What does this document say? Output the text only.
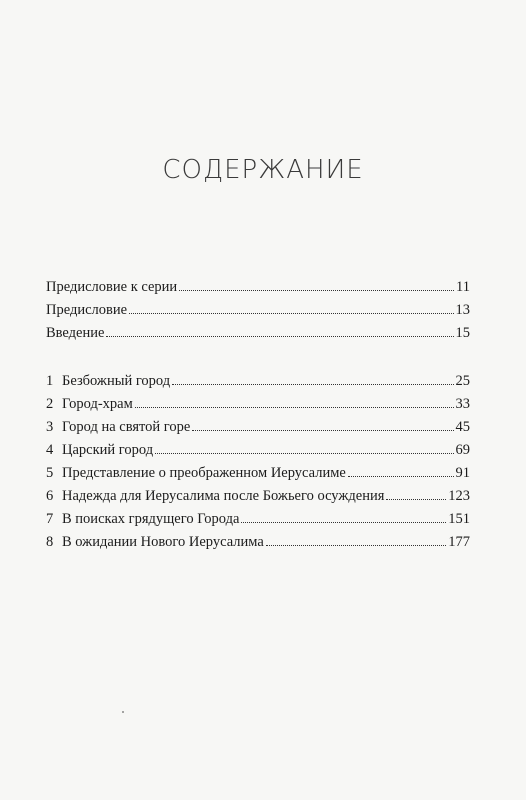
СОДЕРЖАНИЕ
Предисловие к серии	11
Предисловие	13
Введение	15
1 Безбожный город	25
2 Город-храм	33
3 Город на святой горе	45
4 Царский город	69
5 Представление о преображенном Иерусалиме	91
6 Надежда для Иерусалима после Божьего осуждения	123
7 В поисках грядущего Города	151
8 В ожидании Нового Иерусалима	177
